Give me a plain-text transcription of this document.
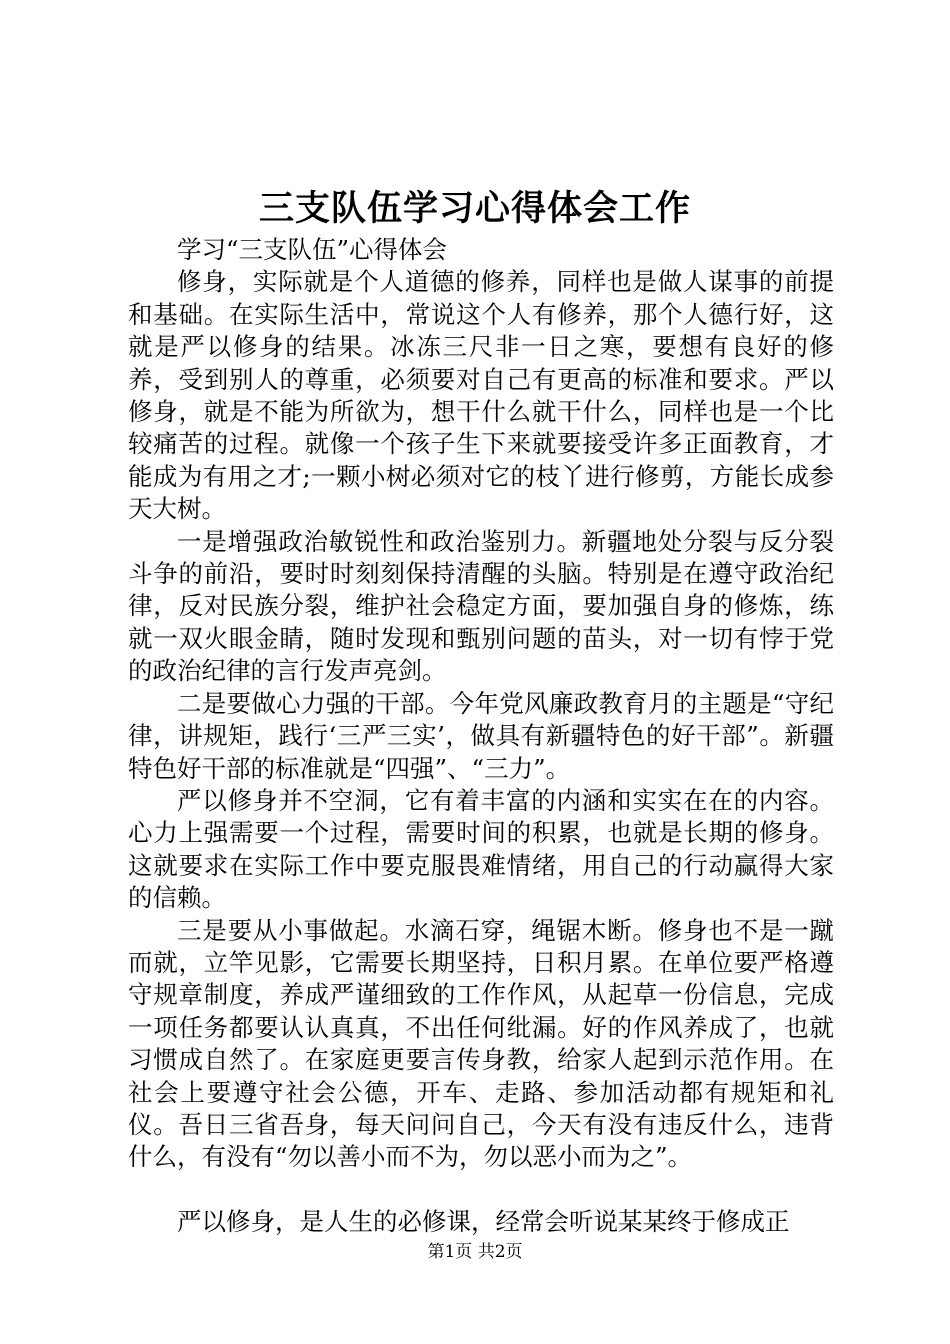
三支队伍学习心得体会工作

学习“三支队伍”心得体会

修身，实际就是个人道德的修养，同样也是做人谋事的前提和基础。在实际生活中，常说这个人有修养，那个人德行好，这就是严以修身的结果。冰冻三尺非一日之寒，要想有良好的修养，受到别人的尊重，必须要对自己有更高的标准和要求。严以修身，就是不能为所欲为，想干什么就干什么，同样也是一个比较痛苦的过程。就像一个孩子生下来就要接受许多正面教育，才能成为有用之才;一颗小树必须对它的枝丫进行修剪，方能长成参天大树。

一是增强政治敏锐性和政治鉴别力。新疆地处分裂与反分裂斗争的前沿，要时时刻刻保持清醒的头脑。特别是在遵守政治纪律，反对民族分裂，维护社会稳定方面，要加强自身的修炼，练就一双火眼金睛，随时发现和甄别问题的苗头，对一切有悖于党的政治纪律的言行发声亮剑。

二是要做心力强的干部。今年党风廉政教育月的主题是“守纪律，讲规矩，践行‘三严三实’，做具有新疆特色的好干部”。新疆特色好干部的标准就是“四强”、“三力”。

严以修身并不空洞，它有着丰富的内涵和实实在在的内容。心力上强需要一个过程，需要时间的积累，也就是长期的修身。这就要求在实际工作中要克服畏难情绪，用自己的行动赢得大家的信赖。

三是要从小事做起。水滴石穿，绳锯木断。修身也不是一蹴而就，立竿见影，它需要长期坚持，日积月累。在单位要严格遵守规章制度，养成严谨细致的工作作风，从起草一份信息，完成一项任务都要认认真真，不出任何纰漏。好的作风养成了，也就习惯成自然了。在家庭更要言传身教，给家人起到示范作用。在社会上要遵守社会公德，开车、走路、参加活动都有规矩和礼仪。吾日三省吾身，每天问问自己，今天有没有违反什么，违背什么，有没有“勿以善小而不为，勿以恶小而为之”。

严以修身，是人生的必修课，经常会听说某某终于修成正

第1页 共2页
